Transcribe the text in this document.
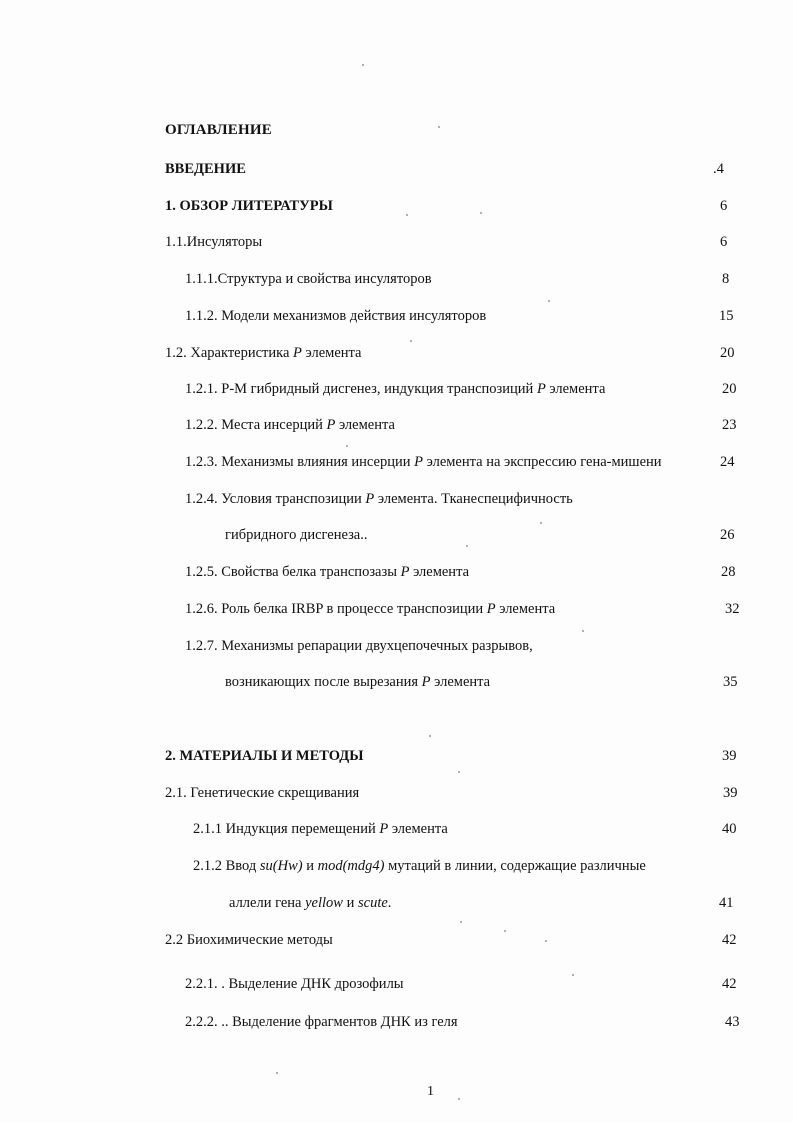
ОГЛАВЛЕНИЕ
ВВЕДЕНИЕ	.4
1. ОБЗОР ЛИТЕРАТУРЫ	6
1.1.Инсуляторы	6
1.1.1.Структура и свойства инсуляторов	8
1.1.2. Модели механизмов действия инсуляторов	15
1.2. Характеристика P элемента	20
1.2.1. Р-М гибридный дисгенез, индукция транспозиций P элемента	20
1.2.2. Места инсерций P элемента	23
1.2.3. Механизмы влияния инсерции P элемента на экспрессию гена-мишени	24
1.2.4. Условия транспозиции P элемента. Тканеспецифичность
гибридного дисгенеза..	26
1.2.5. Свойства белка транспозазы P элемента	28
1.2.6. Роль белка IRBP в процессе транспозиции P элемента	32
1.2.7. Механизмы репарации двухцепочечных разрывов,
возникающих после вырезания P элемента	35
2. МАТЕРИАЛЫ И МЕТОДЫ	39
2.1. Генетические скрещивания	39
2.1.1 Индукция перемещений P элемента	40
2.1.2 Ввод su(Hw) и mod(mdg4) мутаций в линии, содержащие различные
аллели гена yellow и scute.	41
2.2 Биохимические методы	42
2.2.1. . Выделение ДНК дрозофилы	42
2.2.2. .. Выделение фрагментов ДНК из геля	43
1
